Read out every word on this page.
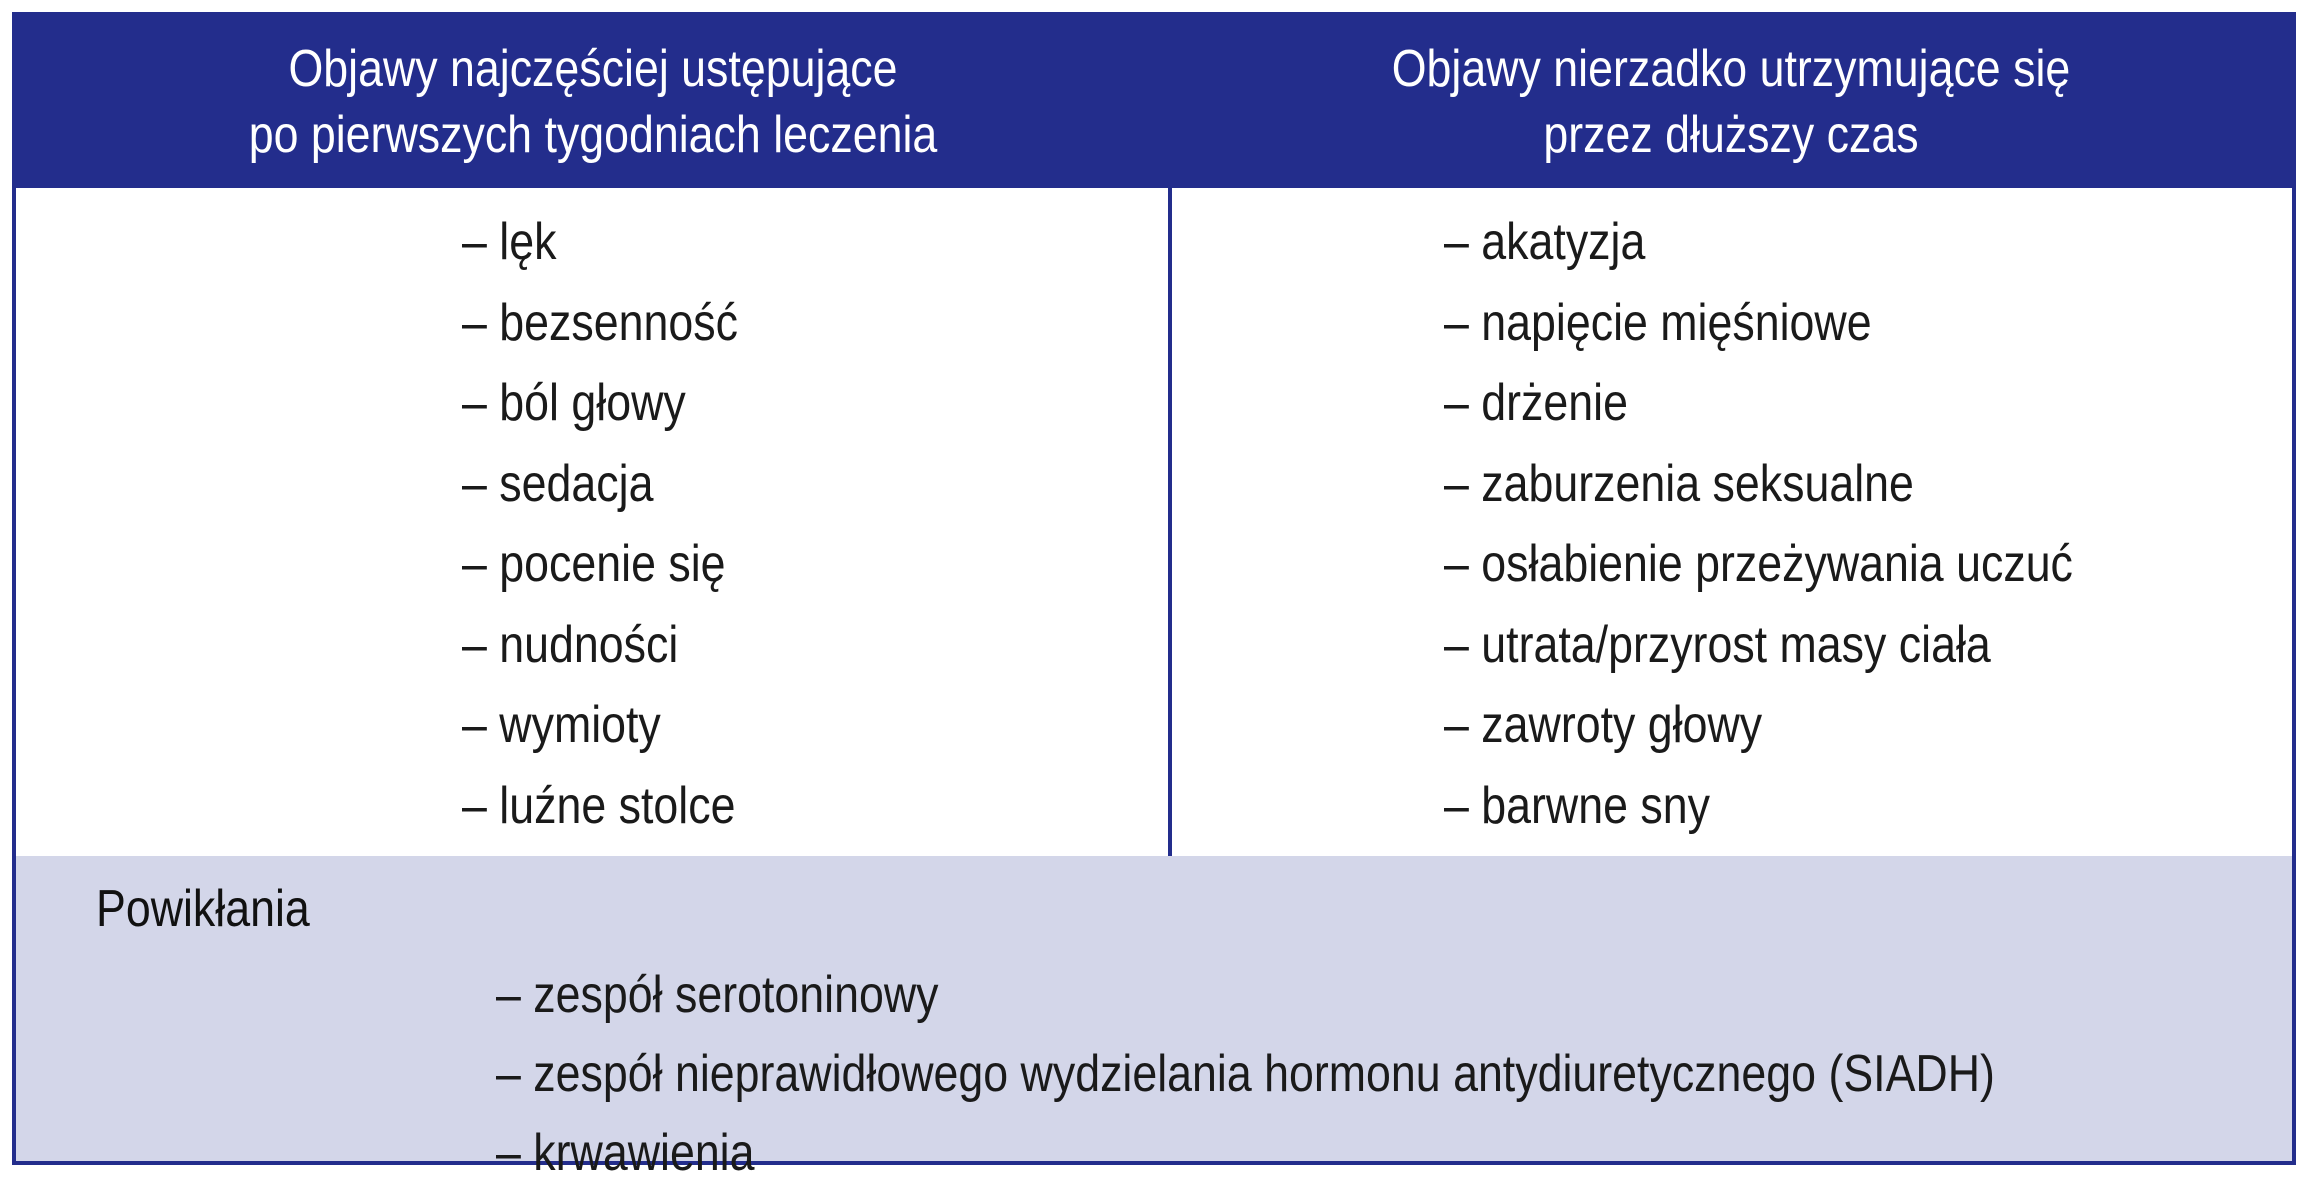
Objawy najczęściej ustępujące
po pierwszych tygodniach leczenia
Objawy nierzadko utrzymujące się
przez dłuższy czas
– lęk
– bezsenność
– ból głowy
– sedacja
– pocenie się
– nudności
– wymioty
– luźne stolce
– akatyzja
– napięcie mięśniowe
– drżenie
– zaburzenia seksualne
– osłabienie przeżywania uczuć
– utrata/przyrost masy ciała
– zawroty głowy
– barwne sny
Powikłania
– zespół serotoninowy
– zespół nieprawidłowego wydzielania hormonu antydiuretycznego (SIADH)
– krwawienia
